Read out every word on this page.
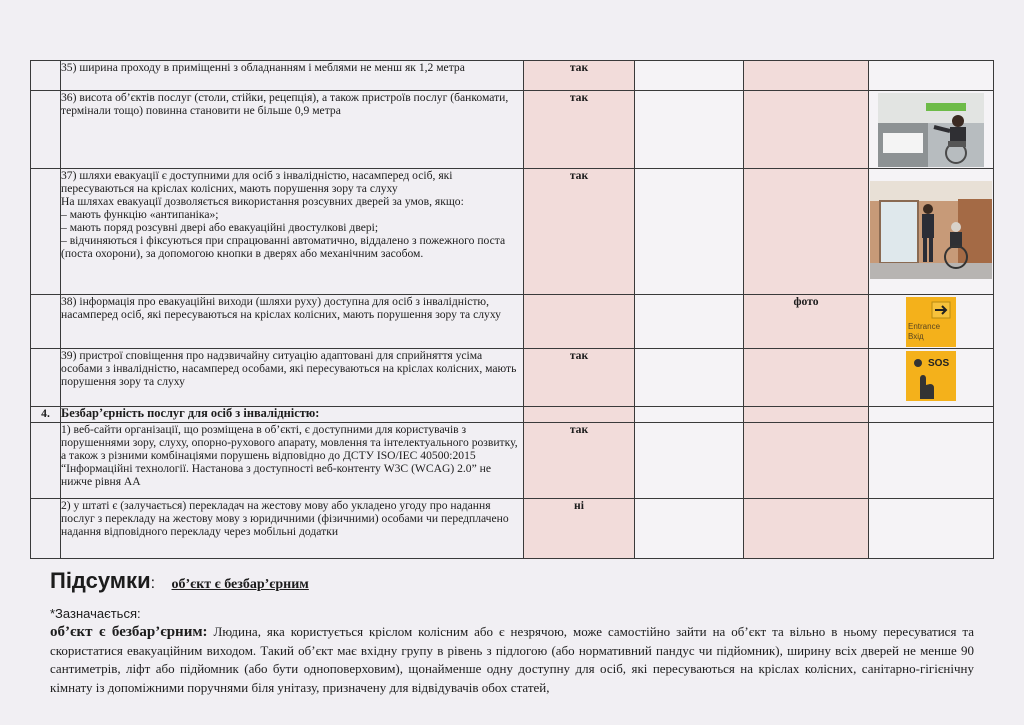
	35) ширина проходу в приміщенні з обладнанням і меблями не менш як 1,2 метра	так			
	36) висота об’єктів послуг (столи, стійки, рецепція), а також пристроїв послуг (банкомати, термінали тощо) повинна становити не більше 0,9 метра	так			

	37) шляхи евакуації є доступними для осіб з інвалідністю, насамперед осіб, які пересуваються на кріслах колісних, мають порушення зору та слуху
На шляхах евакуації дозволяється використання розсувних дверей за умов, якщо:
– мають функцію «антипаніка»;
– мають поряд розсувні двері або евакуаційні двостулкові двері;
– відчиняються і фіксуються при спрацюванні автоматично, віддалено з пожежного поста (поста охорони), за допомогою кнопки в дверях або механічним засобом.	так			

	38) інформація про евакуаційні виходи (шляхи руху) доступна для осіб з інвалідністю, насамперед осіб, які пересуваються на кріслах колісних, мають порушення зору та слуху			фото	Entrance
Вхід

	39) пристрої сповіщення про надзвичайну ситуацію адаптовані для сприйняття усіма особами з інвалідністю, насамперед особами, які пересуваються на кріслах колісних, мають порушення зору та слуху	так			SOS

4.	Безбар’єрність послуг для осіб з інвалідністю:				
	1) веб-сайти організації, що розміщена в об’єкті, є доступними для користувачів з порушеннями зору, слуху, опорно-рухового апарату, мовлення та інтелектуального розвитку, а також з різними комбінаціями порушень відповідно до ДСТУ ISO/IEC 40500:2015 “Інформаційні технології. Настанова з доступності веб-контенту W3C (WCAG) 2.0” не нижче рівня АА	так			
	2) у штаті є (залучається) перекладач на жестову мову або укладено угоду про надання послуг з перекладу на жестову мову з юридичними (фізичними) особами чи передплачено надання відповідного перекладу через мобільні додатки	ні			
Підсумки: об’єкт є безбар’єрним
*Зазначається:
об’єкт є безбар’єрним: Людина, яка користується кріслом колісним або є незрячою, може самостійно зайти на об’єкт та вільно в ньому пересуватися та скористатися евакуаційним виходом. Такий об’єкт має вхідну групу в рівень з підлогою (або нормативний пандус чи підйомник), ширину всіх дверей не менше 90 сантиметрів, ліфт або підйомник (або бути одноповерховим), щонайменше одну доступну для осіб, які пересуваються на кріслах колісних, санітарно-гігієнічну кімнату із допоміжними поручнями біля унітазу, призначену для відвідувачів обох статей,
